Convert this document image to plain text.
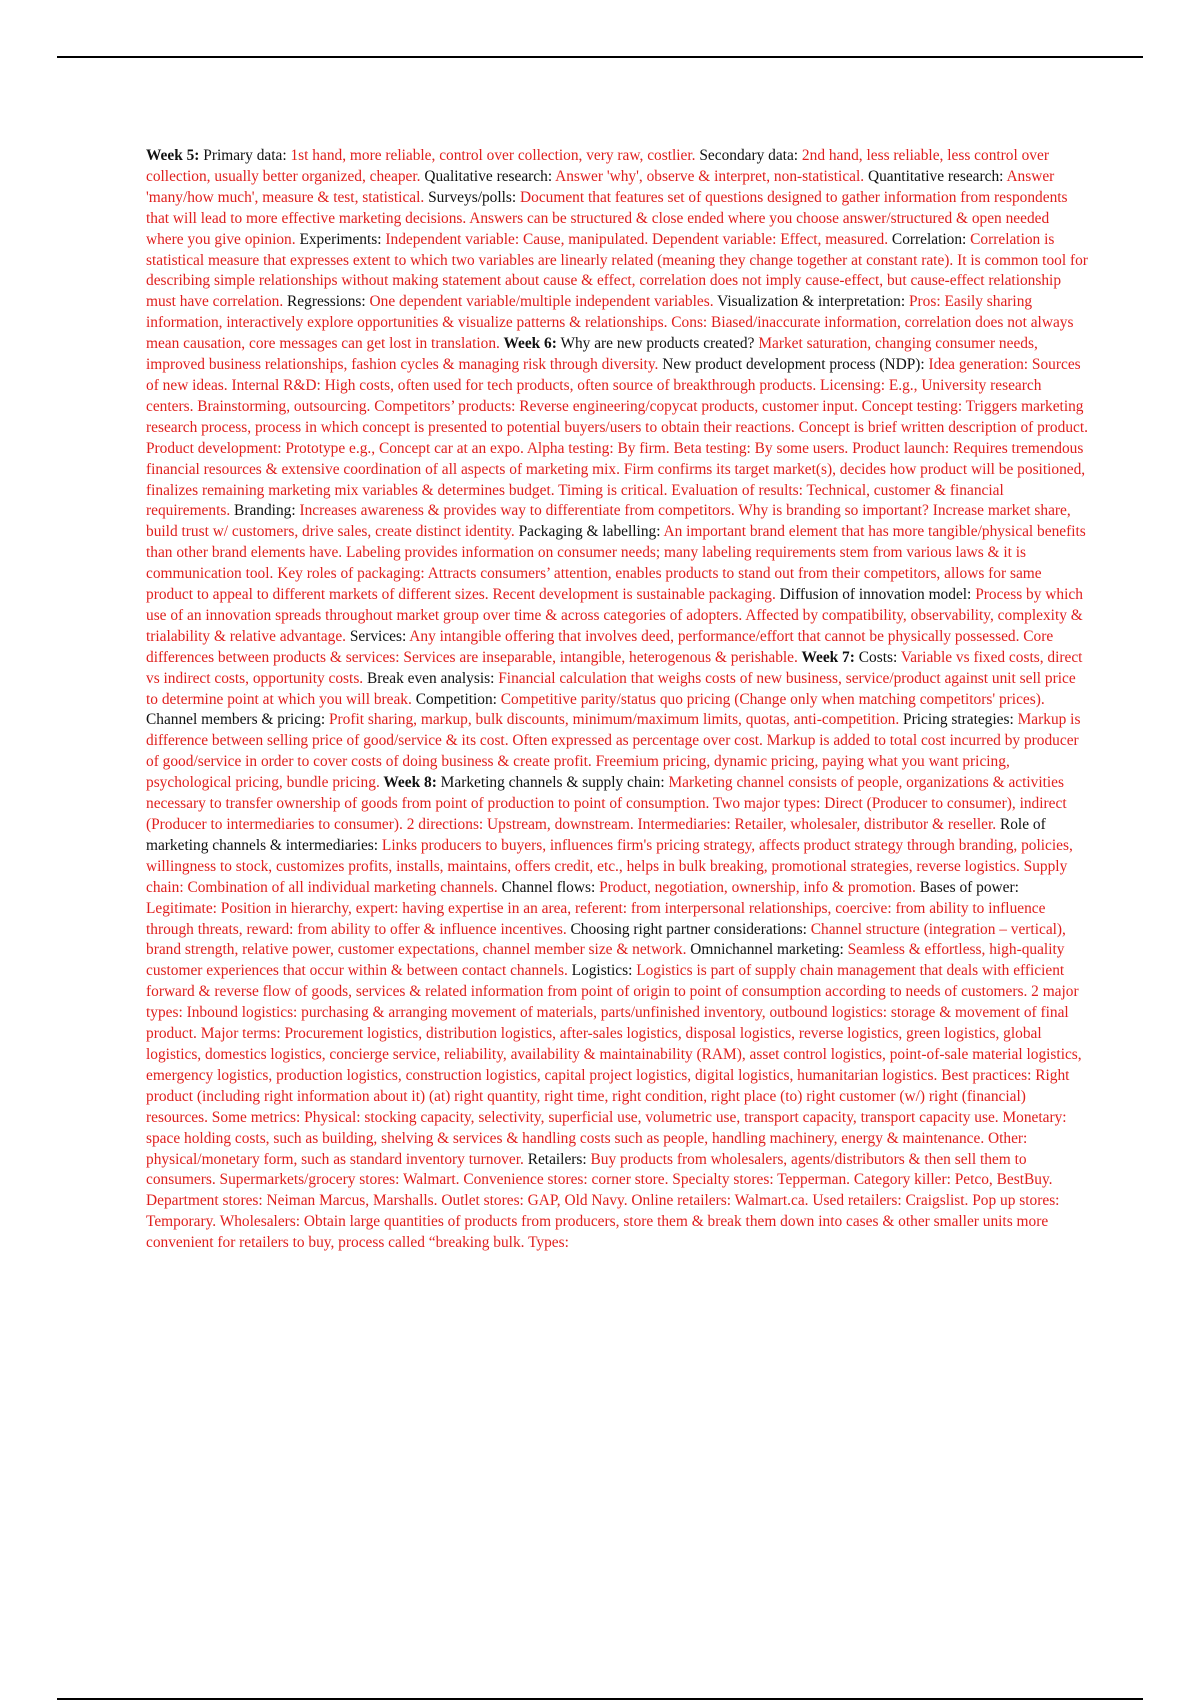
Week 5: Primary data: 1st hand, more reliable, control over collection, very raw, costlier. Secondary data: 2nd hand, less reliable, less control over collection, usually better organized, cheaper. Qualitative research: Answer 'why', observe & interpret, non-statistical. Quantitative research: Answer 'many/how much', measure & test, statistical. Surveys/polls: Document that features set of questions designed to gather information from respondents that will lead to more effective marketing decisions. Answers can be structured & close ended where you choose answer/structured & open needed where you give opinion. Experiments: Independent variable: Cause, manipulated. Dependent variable: Effect, measured. Correlation: Correlation is statistical measure that expresses extent to which two variables are linearly related (meaning they change together at constant rate). It is common tool for describing simple relationships without making statement about cause & effect, correlation does not imply cause-effect, but cause-effect relationship must have correlation. Regressions: One dependent variable/multiple independent variables. Visualization & interpretation: Pros: Easily sharing information, interactively explore opportunities & visualize patterns & relationships. Cons: Biased/inaccurate information, correlation does not always mean causation, core messages can get lost in translation. Week 6: Why are new products created? Market saturation, changing consumer needs, improved business relationships, fashion cycles & managing risk through diversity. New product development process (NDP): Idea generation: Sources of new ideas. Internal R&D: High costs, often used for tech products, often source of breakthrough products. Licensing: E.g., University research centers. Brainstorming, outsourcing. Competitors’ products: Reverse engineering/copycat products, customer input. Concept testing: Triggers marketing research process, process in which concept is presented to potential buyers/users to obtain their reactions. Concept is brief written description of product. Product development: Prototype e.g., Concept car at an expo. Alpha testing: By firm. Beta testing: By some users. Product launch: Requires tremendous financial resources & extensive coordination of all aspects of marketing mix. Firm confirms its target market(s), decides how product will be positioned, finalizes remaining marketing mix variables & determines budget. Timing is critical. Evaluation of results: Technical, customer & financial requirements. Branding: Increases awareness & provides way to differentiate from competitors. Why is branding so important? Increase market share, build trust w/ customers, drive sales, create distinct identity. Packaging & labelling: An important brand element that has more tangible/physical benefits than other brand elements have. Labeling provides information on consumer needs; many labeling requirements stem from various laws & it is communication tool. Key roles of packaging: Attracts consumers’ attention, enables products to stand out from their competitors, allows for same product to appeal to different markets of different sizes. Recent development is sustainable packaging. Diffusion of innovation model: Process by which use of an innovation spreads throughout market group over time & across categories of adopters. Affected by compatibility, observability, complexity & trialability & relative advantage. Services: Any intangible offering that involves deed, performance/effort that cannot be physically possessed. Core differences between products & services: Services are inseparable, intangible, heterogenous & perishable. Week 7: Costs: Variable vs fixed costs, direct vs indirect costs, opportunity costs. Break even analysis: Financial calculation that weighs costs of new business, service/product against unit sell price to determine point at which you will break. Competition: Competitive parity/status quo pricing (Change only when matching competitors' prices). Channel members & pricing: Profit sharing, markup, bulk discounts, minimum/maximum limits, quotas, anti-competition. Pricing strategies: Markup is difference between selling price of good/service & its cost. Often expressed as percentage over cost. Markup is added to total cost incurred by producer of good/service in order to cover costs of doing business & create profit. Freemium pricing, dynamic pricing, paying what you want pricing, psychological pricing, bundle pricing. Week 8: Marketing channels & supply chain: Marketing channel consists of people, organizations & activities necessary to transfer ownership of goods from point of production to point of consumption. Two major types: Direct (Producer to consumer), indirect (Producer to intermediaries to consumer). 2 directions: Upstream, downstream. Intermediaries: Retailer, wholesaler, distributor & reseller. Role of marketing channels & intermediaries: Links producers to buyers, influences firm's pricing strategy, affects product strategy through branding, policies, willingness to stock, customizes profits, installs, maintains, offers credit, etc., helps in bulk breaking, promotional strategies, reverse logistics. Supply chain: Combination of all individual marketing channels. Channel flows: Product, negotiation, ownership, info & promotion. Bases of power: Legitimate: Position in hierarchy, expert: having expertise in an area, referent: from interpersonal relationships, coercive: from ability to influence through threats, reward: from ability to offer & influence incentives. Choosing right partner considerations: Channel structure (integration – vertical), brand strength, relative power, customer expectations, channel member size & network. Omnichannel marketing: Seamless & effortless, high-quality customer experiences that occur within & between contact channels. Logistics: Logistics is part of supply chain management that deals with efficient forward & reverse flow of goods, services & related information from point of origin to point of consumption according to needs of customers. 2 major types: Inbound logistics: purchasing & arranging movement of materials, parts/unfinished inventory, outbound logistics: storage & movement of final product. Major terms: Procurement logistics, distribution logistics, after-sales logistics, disposal logistics, reverse logistics, green logistics, global logistics, domestics logistics, concierge service, reliability, availability & maintainability (RAM), asset control logistics, point-of-sale material logistics, emergency logistics, production logistics, construction logistics, capital project logistics, digital logistics, humanitarian logistics. Best practices: Right product (including right information about it) (at) right quantity, right time, right condition, right place (to) right customer (w/) right (financial) resources. Some metrics: Physical: stocking capacity, selectivity, superficial use, volumetric use, transport capacity, transport capacity use. Monetary: space holding costs, such as building, shelving & services & handling costs such as people, handling machinery, energy & maintenance. Other: physical/monetary form, such as standard inventory turnover. Retailers: Buy products from wholesalers, agents/distributors & then sell them to consumers. Supermarkets/grocery stores: Walmart. Convenience stores: corner store. Specialty stores: Tepperman. Category killer: Petco, BestBuy. Department stores: Neiman Marcus, Marshalls. Outlet stores: GAP, Old Navy. Online retailers: Walmart.ca. Used retailers: Craigslist. Pop up stores: Temporary. Wholesalers: Obtain large quantities of products from producers, store them & break them down into cases & other smaller units more convenient for retailers to buy, process called “breaking bulk. Types:
